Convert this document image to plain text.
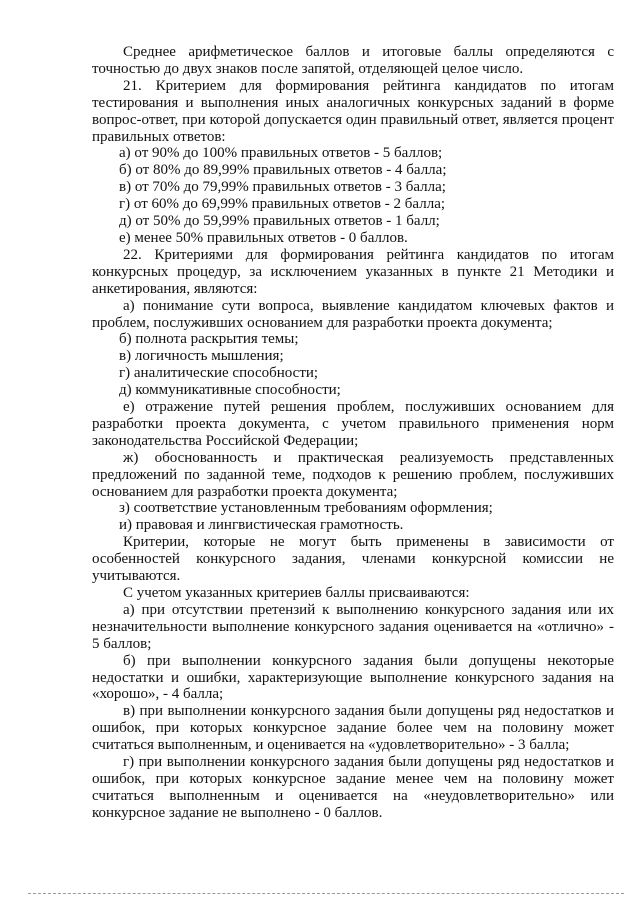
Среднее арифметическое баллов и итоговые баллы определяются с точностью до двух знаков после запятой, отделяющей целое число.

21. Критерием для формирования рейтинга кандидатов по итогам тестирования и выполнения иных аналогичных конкурсных заданий в форме вопрос-ответ, при которой допускается один правильный ответ, является процент правильных ответов:

а) от 90% до 100% правильных ответов - 5 баллов;

б) от 80% до 89,99% правильных ответов - 4 балла;

в) от 70% до 79,99% правильных ответов - 3 балла;

г) от 60% до 69,99% правильных ответов - 2 балла;

д) от 50% до 59,99% правильных ответов - 1 балл;

е) менее 50% правильных ответов - 0 баллов.

22. Критериями для формирования рейтинга кандидатов по итогам конкурсных процедур, за исключением указанных в пункте 21 Методики и анкетирования, являются:

а) понимание сути вопроса, выявление кандидатом ключевых фактов и проблем, послуживших основанием для разработки проекта документа;

б) полнота раскрытия темы;

в) логичность мышления;

г) аналитические способности;

д) коммуникативные способности;

е) отражение путей решения проблем, послуживших основанием для разработки проекта документа, с учетом правильного применения норм законодательства Российской Федерации;

ж) обоснованность и практическая реализуемость представленных предложений по заданной теме, подходов к решению проблем, послуживших основанием для разработки проекта документа;

з) соответствие установленным требованиям оформления;

и) правовая и лингвистическая грамотность.

Критерии, которые не могут быть применены в зависимости от особенностей конкурсного задания, членами конкурсной комиссии не учитываются.

С учетом указанных критериев баллы присваиваются:

а) при отсутствии претензий к выполнению конкурсного задания или их незначительности выполнение конкурсного задания оценивается на «отлично» - 5 баллов;

б) при выполнении конкурсного задания были допущены некоторые недостатки и ошибки, характеризующие выполнение конкурсного задания на «хорошо», - 4 балла;

в) при выполнении конкурсного задания были допущены ряд недостатков и ошибок, при которых конкурсное задание более чем на половину может считаться выполненным, и оценивается на «удовлетворительно» - 3 балла;

г) при выполнении конкурсного задания были допущены ряд недостатков и ошибок, при которых конкурсное задание менее чем на половину может считаться выполненным и оценивается на «неудовлетворительно» или конкурсное задание не выполнено - 0 баллов.
